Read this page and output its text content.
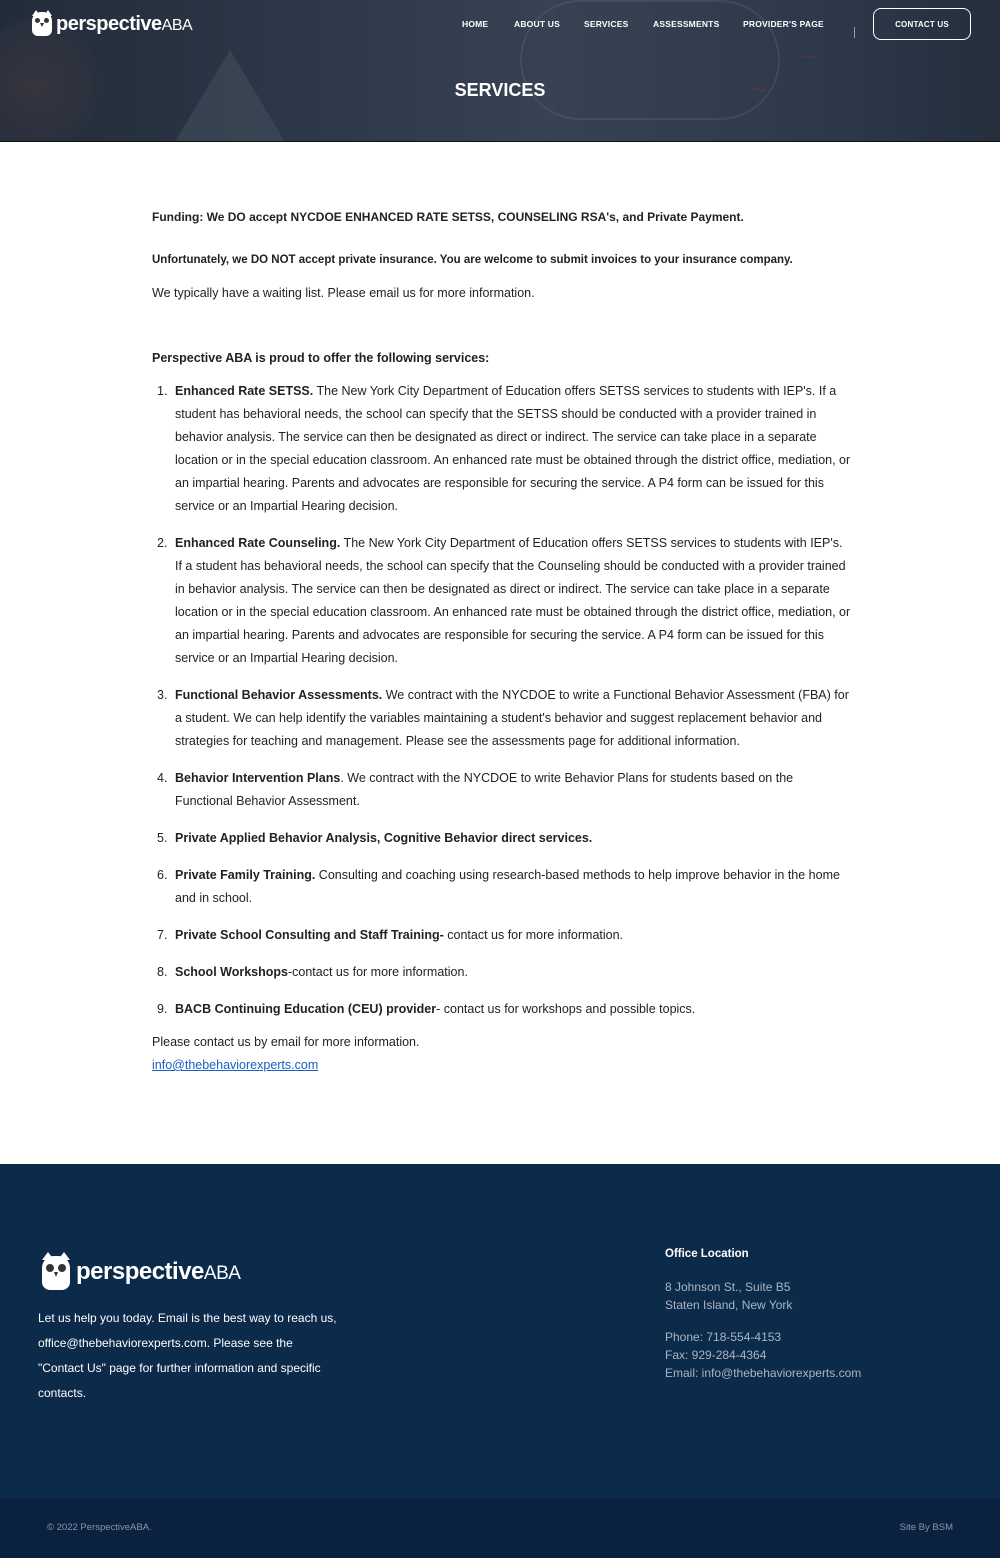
~
~
perspectiveABA	HOME	ABOUT US	SERVICES	ASSESSMENTS	PROVIDER'S PAGE	CONTACT US
SERVICES

Funding: We DO accept NYCDOE ENHANCED RATE SETSS, COUNSELING RSA's, and Private Payment.

Unfortunately, we DO NOT accept private insurance. You are welcome to submit invoices to your insurance company.

We typically have a waiting list. Please email us for more information.

Perspective ABA is proud to offer the following services:

1. Enhanced Rate SETSS. The New York City Department of Education offers SETSS services to students with IEP's. If a student has behavioral needs, the school can specify that the SETSS should be conducted with a provider trained in behavior analysis. The service can then be designated as direct or indirect. The service can take place in a separate location or in the special education classroom. An enhanced rate must be obtained through the district office, mediation, or an impartial hearing. Parents and advocates are responsible for securing the service. A P4 form can be issued for this service or an Impartial Hearing decision.
2. Enhanced Rate Counseling. The New York City Department of Education offers SETSS services to students with IEP's. If a student has behavioral needs, the school can specify that the Counseling should be conducted with a provider trained in behavior analysis. The service can then be designated as direct or indirect. The service can take place in a separate location or in the special education classroom. An enhanced rate must be obtained through the district office, mediation, or an impartial hearing. Parents and advocates are responsible for securing the service. A P4 form can be issued for this service or an Impartial Hearing decision.
3. Functional Behavior Assessments. We contract with the NYCDOE to write a Functional Behavior Assessment (FBA) for a student. We can help identify the variables maintaining a student's behavior and suggest replacement behavior and strategies for teaching and management. Please see the assessments page for additional information.
4. Behavior Intervention Plans. We contract with the NYCDOE to write Behavior Plans for students based on the Functional Behavior Assessment.
5. Private Applied Behavior Analysis, Cognitive Behavior direct services.
6. Private Family Training. Consulting and coaching using research-based methods to help improve behavior in the home and in school.
7. Private School Consulting and Staff Training- contact us for more information.
8. School Workshops-contact us for more information.
9. BACB Continuing Education (CEU) provider- contact us for workshops and possible topics.

Please contact us by email for more information.

info@thebehaviorexperts.com
perspectiveABA

Let us help you today. Email is the best way to reach us, office@thebehaviorexperts.com. Please see the "Contact Us" page for further information and specific contacts.

Office Location
8 Johnson St., Suite B5
Staten Island, New York
Phone: 718-554-4153
Fax: 929-284-4364
Email: info@thebehaviorexperts.com
© 2022 PerspectiveABA.	Site By BSM
